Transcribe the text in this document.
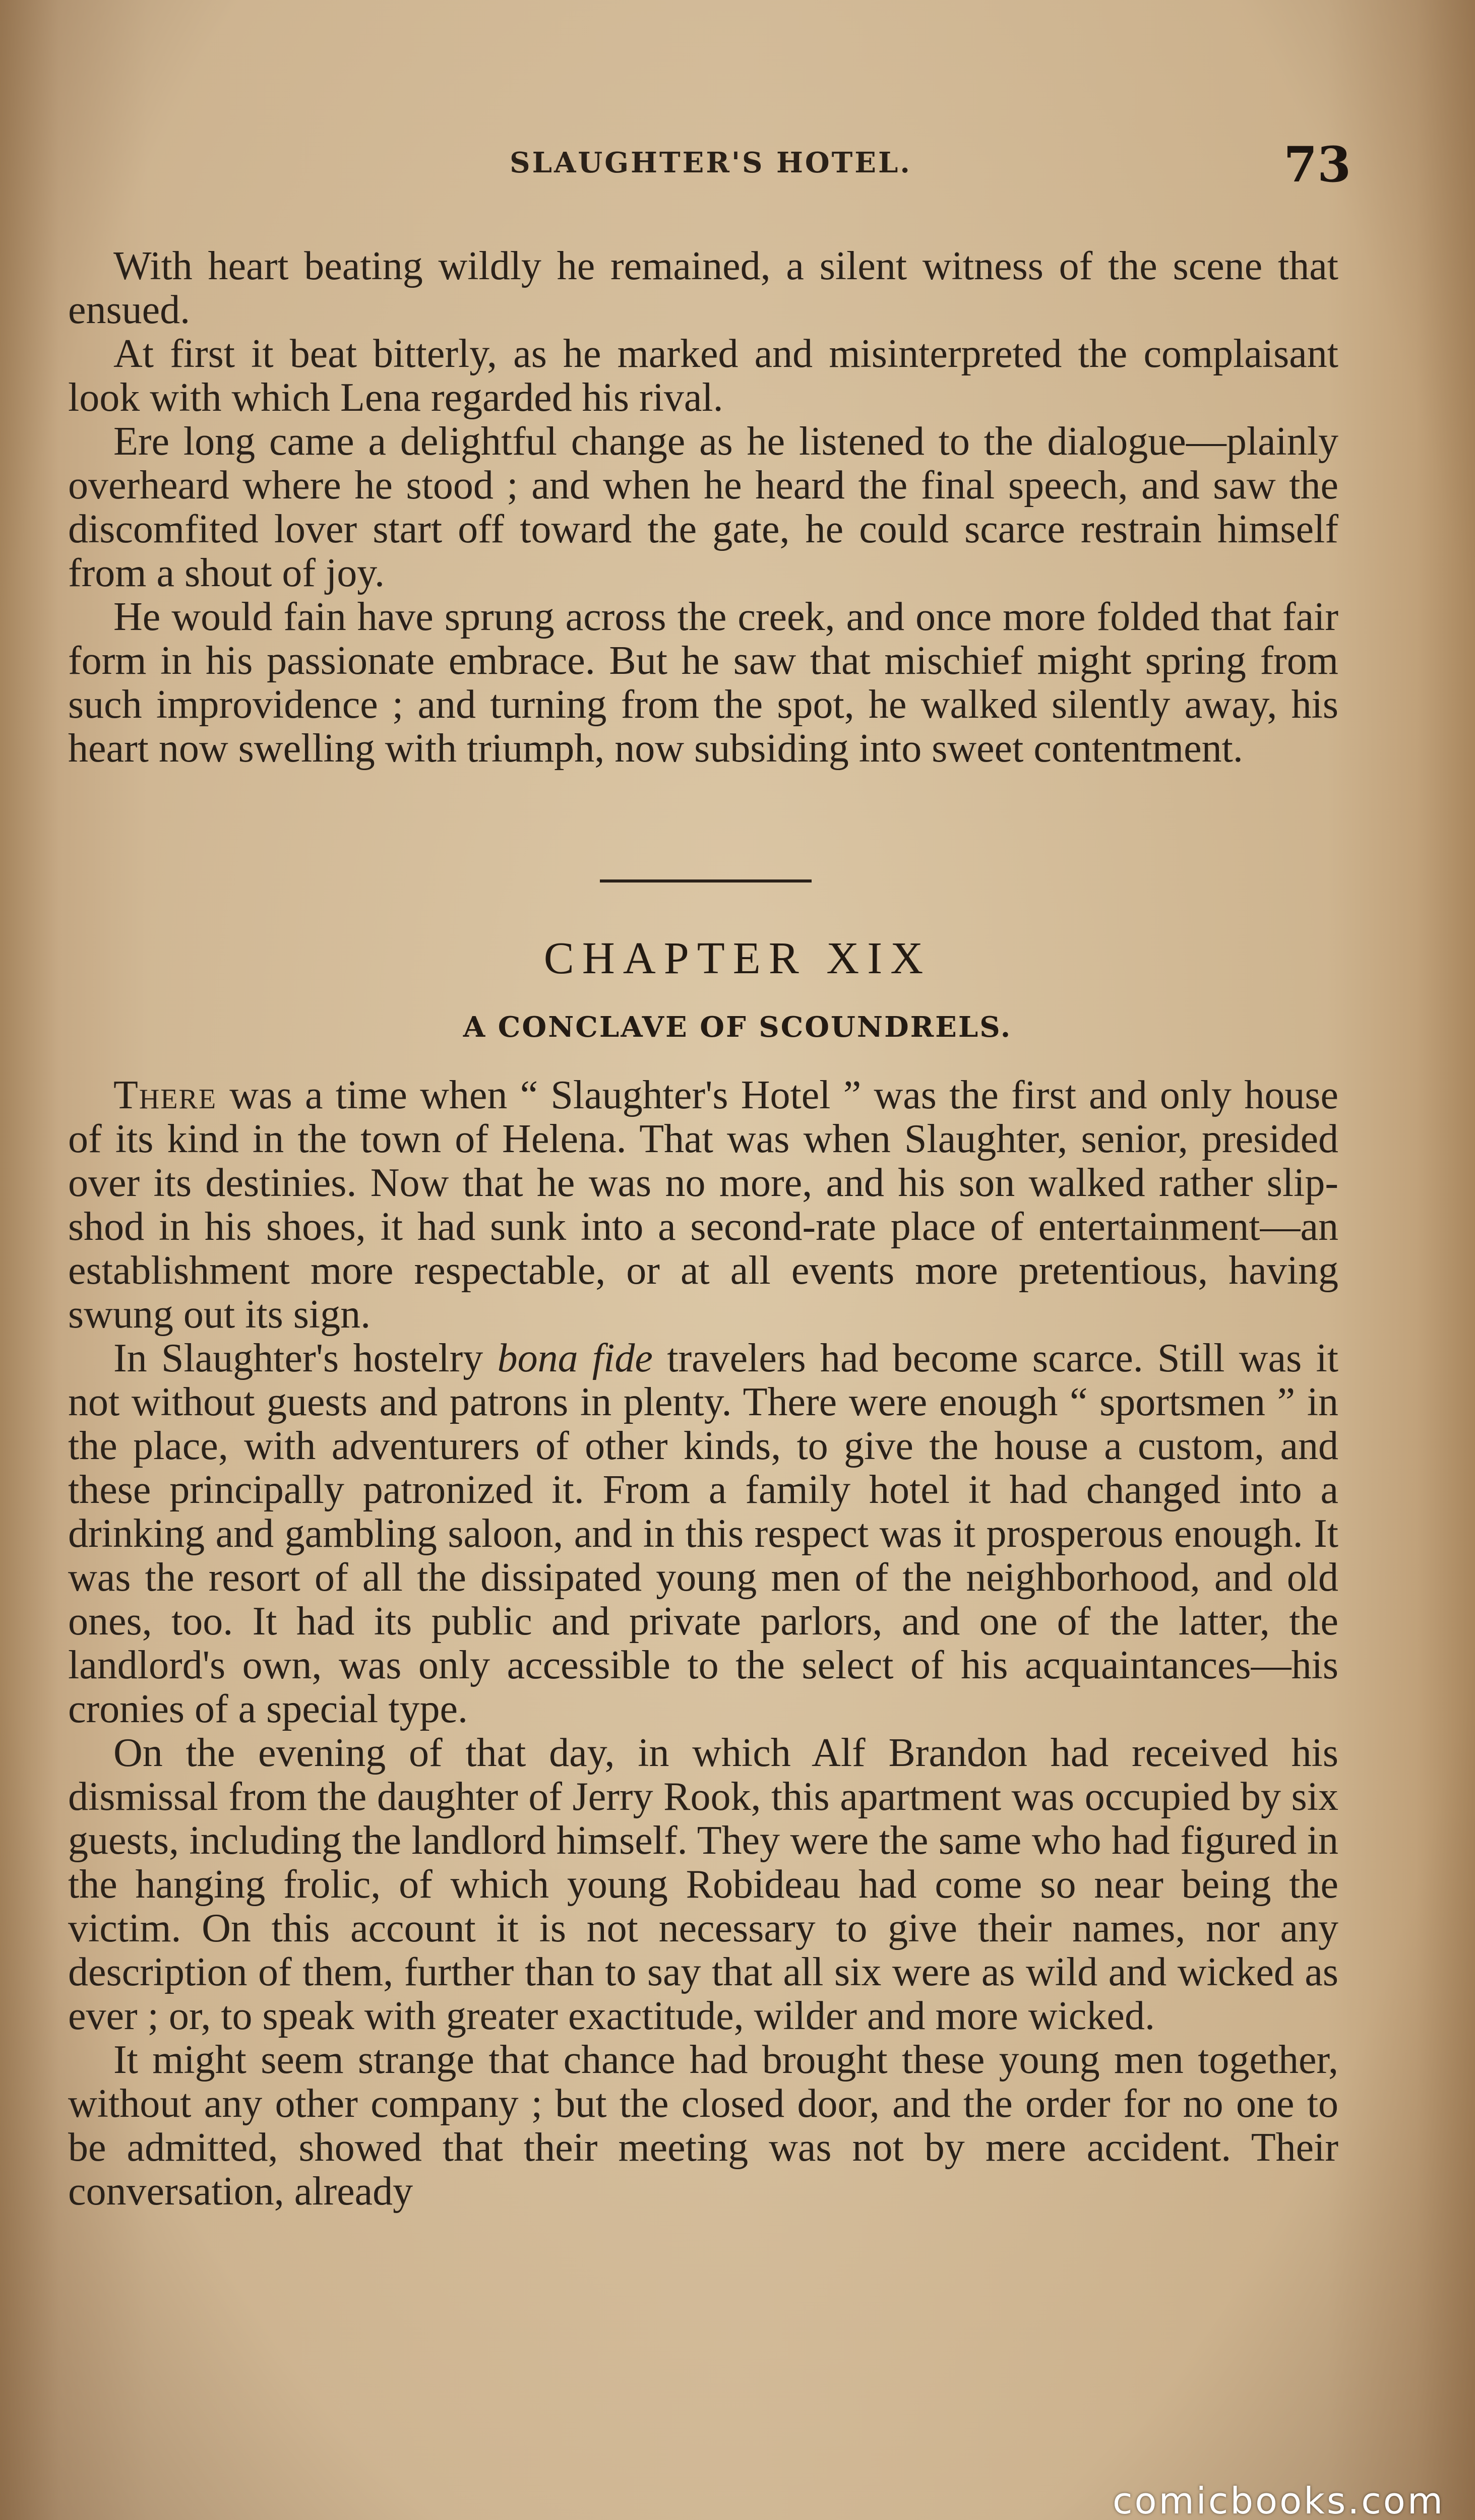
SLAUGHTER'S HOTEL.	73

With heart beating wildly he remained, a silent witness of the scene that ensued.

At first it beat bitterly, as he marked and misinterpreted the complaisant look with which Lena regarded his rival.

Ere long came a delightful change as he listened to the dialogue—plainly overheard where he stood ; and when he heard the final speech, and saw the discomfited lover start off toward the gate, he could scarce restrain himself from a shout of joy.

He would fain have sprung across the creek, and once more folded that fair form in his passionate embrace. But he saw that mischief might spring from such improvidence ; and turning from the spot, he walked silently away, his heart now swelling with triumph, now subsiding into sweet contentment.

CHAPTER XIX
A CONCLAVE OF SCOUNDRELS.

There was a time when “ Slaughter's Hotel ” was the first and only house of its kind in the town of Helena. That was when Slaughter, senior, presided over its destinies. Now that he was no more, and his son walked rather slip-shod in his shoes, it had sunk into a second-rate place of entertainment—an establishment more respectable, or at all events more pretentious, having swung out its sign.

In Slaughter's hostelry bona fide travelers had become scarce. Still was it not without guests and patrons in plenty. There were enough “ sportsmen ” in the place, with adventurers of other kinds, to give the house a custom, and these principally patronized it. From a family hotel it had changed into a drinking and gambling saloon, and in this respect was it prosperous enough. It was the resort of all the dissipated young men of the neighborhood, and old ones, too. It had its public and private parlors, and one of the latter, the landlord's own, was only accessible to the select of his acquaintances—his cronies of a special type.

On the evening of that day, in which Alf Brandon had received his dismissal from the daughter of Jerry Rook, this apartment was occupied by six guests, including the landlord himself. They were the same who had figured in the hanging frolic, of which young Robideau had come so near being the victim. On this account it is not necessary to give their names, nor any description of them, further than to say that all six were as wild and wicked as ever ; or, to speak with greater exactitude, wilder and more wicked.

It might seem strange that chance had brought these young men together, without any other company ; but the closed door, and the order for no one to be admitted, showed that their meeting was not by mere accident. Their conversation, already

comicbooks.com
